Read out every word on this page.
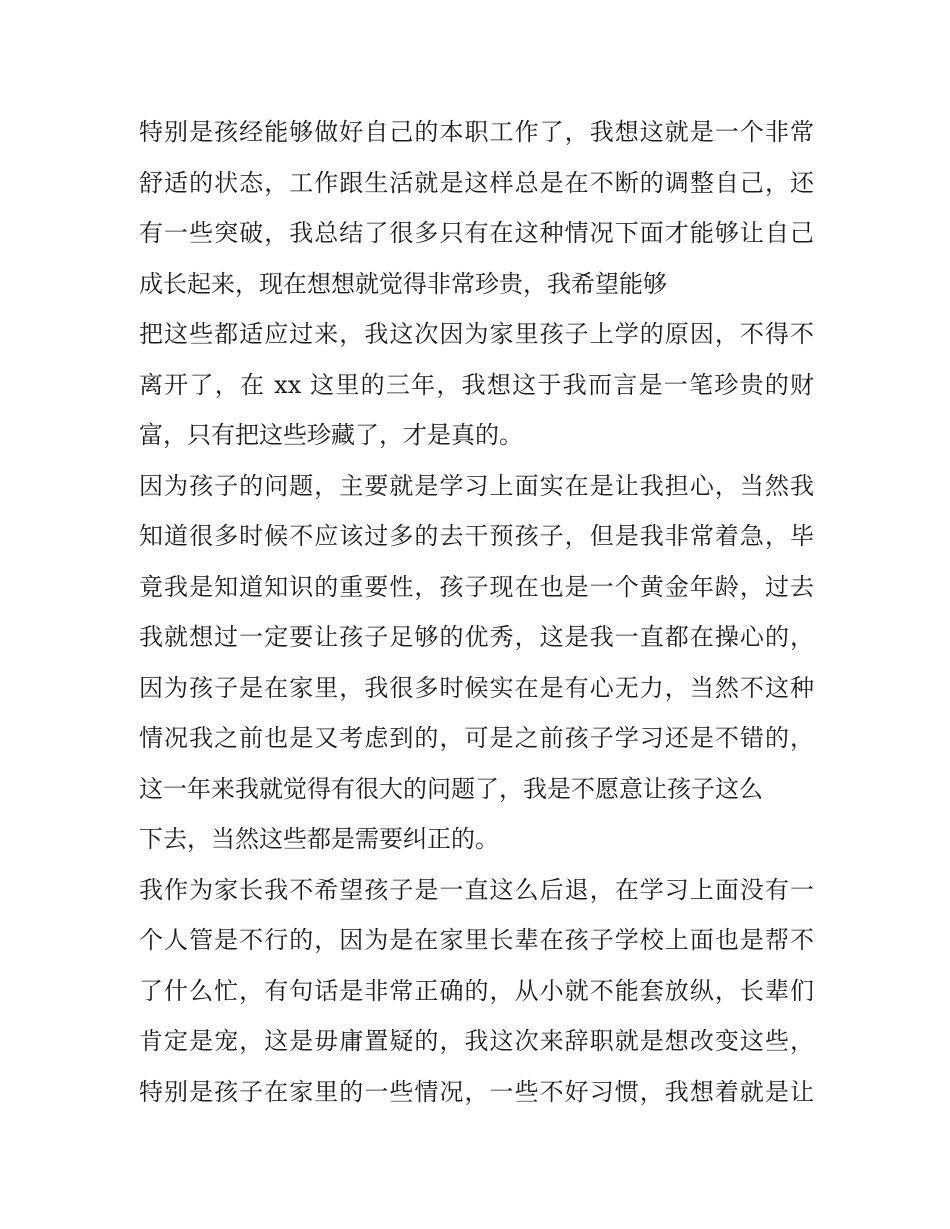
特别是孩经能够做好自己的本职工作了，我想这就是一个非常
舒适的状态，工作跟生活就是这样总是在不断的调整自己，还
有一些突破，我总结了很多只有在这种情况下面才能够让自己
成长起来，现在想想就觉得非常珍贵，我希望能够
把这些都适应过来，我这次因为家里孩子上学的原因，不得不
离开了，在 xx 这里的三年，我想这于我而言是一笔珍贵的财
富，只有把这些珍藏了，才是真的。
因为孩子的问题，主要就是学习上面实在是让我担心，当然我
知道很多时候不应该过多的去干预孩子，但是我非常着急，毕
竟我是知道知识的重要性，孩子现在也是一个黄金年龄，过去
我就想过一定要让孩子足够的优秀，这是我一直都在操心的，
因为孩子是在家里，我很多时候实在是有心无力，当然不这种
情况我之前也是又考虑到的，可是之前孩子学习还是不错的，
这一年来我就觉得有很大的问题了，我是不愿意让孩子这么
下去，当然这些都是需要纠正的。
我作为家长我不希望孩子是一直这么后退，在学习上面没有一
个人管是不行的，因为是在家里长辈在孩子学校上面也是帮不
了什么忙，有句话是非常正确的，从小就不能套放纵，长辈们
肯定是宠，这是毋庸置疑的，我这次来辞职就是想改变这些，
特别是孩子在家里的一些情况，一些不好习惯，我想着就是让
